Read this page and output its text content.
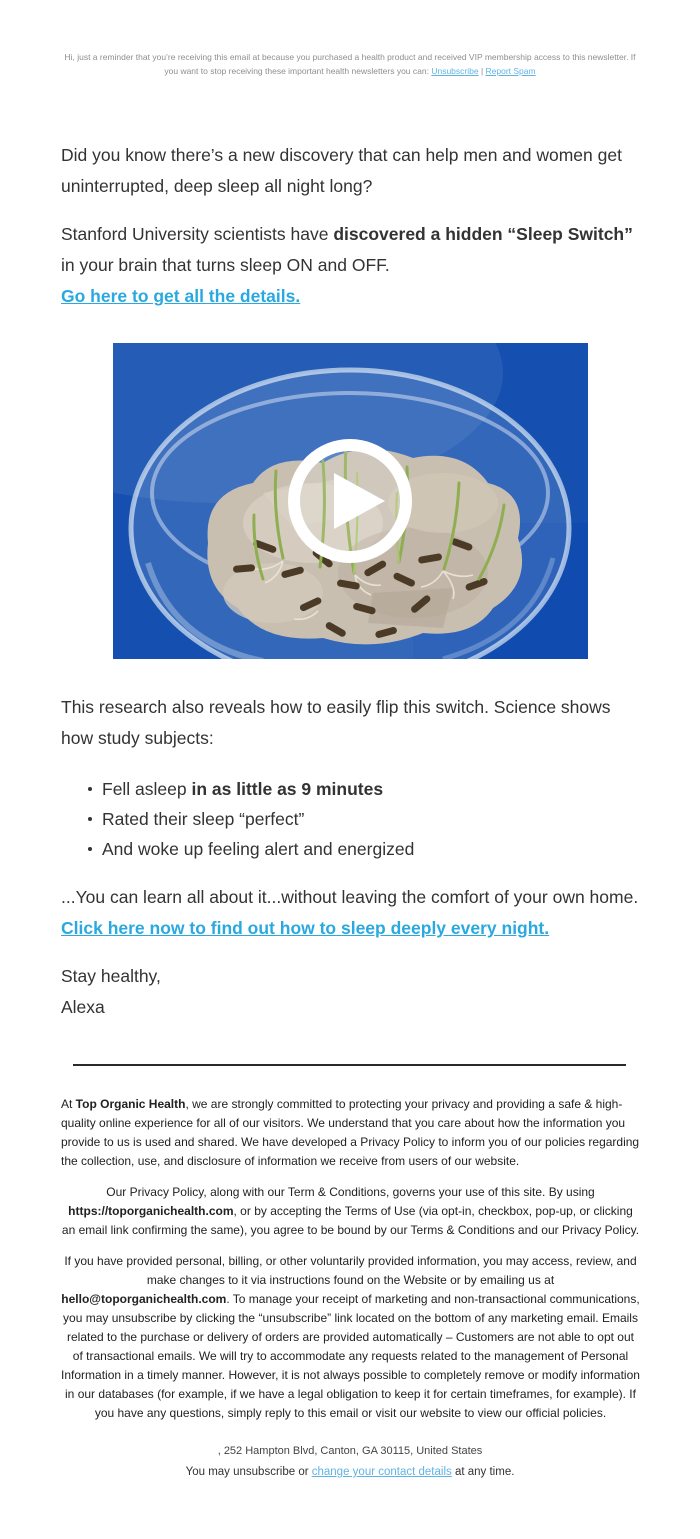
Hi, just a reminder that you’re receiving this email at because you purchased a health product and received VIP membership access to this newsletter. If you want to stop receiving these important health newsletters you can: Unsubscribe | Report Spam

Did you know there’s a new discovery that can help men and women get uninterrupted, deep sleep all night long?

Stanford University scientists have discovered a hidden “Sleep Switch” in your brain that turns sleep ON and OFF.
Go here to get all the details.

This research also reveals how to easily flip this switch. Science shows how study subjects:

Fell asleep in as little as 9 minutes
Rated their sleep “perfect”
And woke up feeling alert and energized

...You can learn all about it...without leaving the comfort of your own home.
Click here now to find out how to sleep deeply every night.

Stay healthy,
Alexa

At Top Organic Health, we are strongly committed to protecting your privacy and providing a safe & high-quality online experience for all of our visitors. We understand that you care about how the information you provide to us is used and shared. We have developed a Privacy Policy to inform you of our policies regarding the collection, use, and disclosure of information we receive from users of our website.

Our Privacy Policy, along with our Term & Conditions, governs your use of this site. By using https://toporganichealth.com, or by accepting the Terms of Use (via opt-in, checkbox, pop-up, or clicking an email link confirming the same), you agree to be bound by our Terms & Conditions and our Privacy Policy.

If you have provided personal, billing, or other voluntarily provided information, you may access, review, and make changes to it via instructions found on the Website or by emailing us at hello@toporganichealth.com. To manage your receipt of marketing and non-transactional communications, you may unsubscribe by clicking the “unsubscribe” link located on the bottom of any marketing email. Emails related to the purchase or delivery of orders are provided automatically – Customers are not able to opt out of transactional emails. We will try to accommodate any requests related to the management of Personal Information in a timely manner. However, it is not always possible to completely remove or modify information in our databases (for example, if we have a legal obligation to keep it for certain timeframes, for example). If you have any questions, simply reply to this email or visit our website to view our official policies.

, 252 Hampton Blvd, Canton, GA 30115, United States
You may unsubscribe or change your contact details at any time.
